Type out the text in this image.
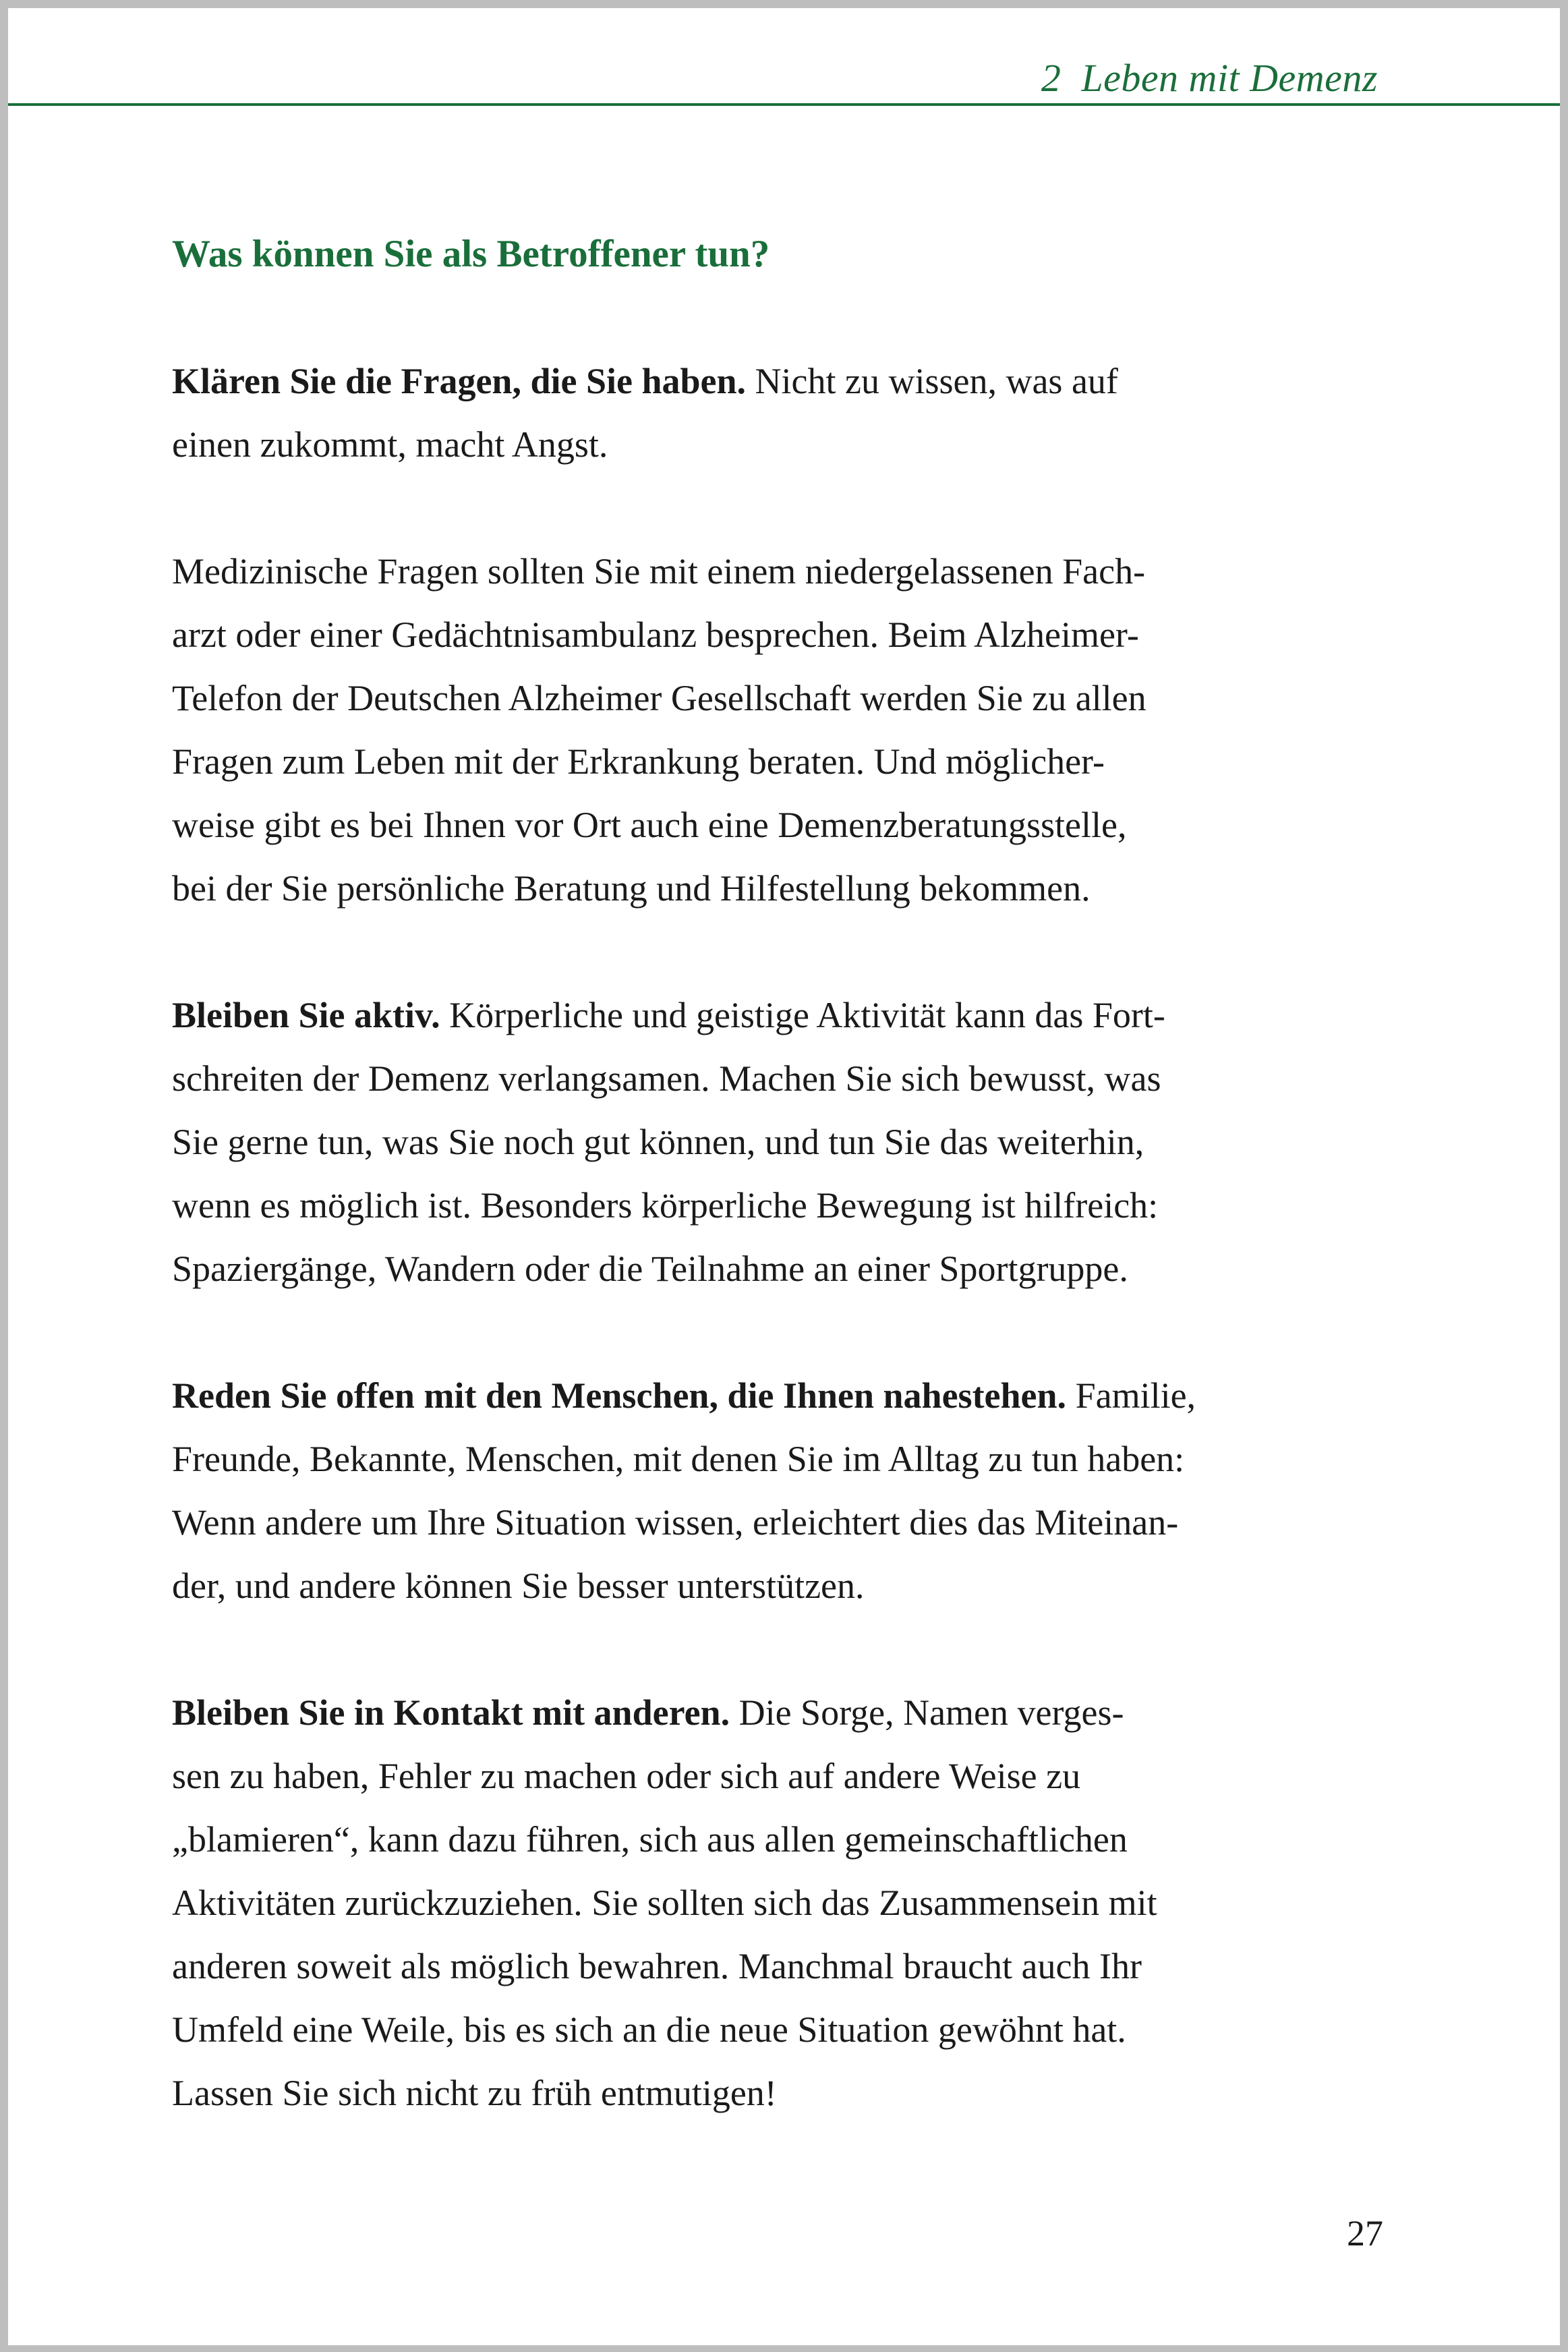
2 Leben mit Demenz
Was können Sie als Betroffener tun?
Klären Sie die Fragen, die Sie haben. Nicht zu wissen, was auf
einen zukommt, macht Angst.
Medizinische Fragen sollten Sie mit einem niedergelassenen Fach-
arzt oder einer Gedächtnisambulanz besprechen. Beim Alzheimer-
Telefon der Deutschen Alzheimer Gesellschaft werden Sie zu allen
Fragen zum Leben mit der Erkrankung beraten. Und möglicher-
weise gibt es bei Ihnen vor Ort auch eine Demenzberatungsstelle,
bei der Sie persönliche Beratung und Hilfestellung bekommen.
Bleiben Sie aktiv. Körperliche und geistige Aktivität kann das Fort-
schreiten der Demenz verlangsamen. Machen Sie sich bewusst, was
Sie gerne tun, was Sie noch gut können, und tun Sie das weiterhin,
wenn es möglich ist. Besonders körperliche Bewegung ist hilfreich:
Spaziergänge, Wandern oder die Teilnahme an einer Sportgruppe.
Reden Sie offen mit den Menschen, die Ihnen nahestehen. Familie,
Freunde, Bekannte, Menschen, mit denen Sie im Alltag zu tun haben:
Wenn andere um Ihre Situation wissen, erleichtert dies das Miteinan-
der, und andere können Sie besser unterstützen.
Bleiben Sie in Kontakt mit anderen. Die Sorge, Namen verges-
sen zu haben, Fehler zu machen oder sich auf andere Weise zu
„blamieren“, kann dazu führen, sich aus allen gemeinschaftlichen
Aktivitäten zurückzuziehen. Sie sollten sich das Zusammensein mit
anderen soweit als möglich bewahren. Manchmal braucht auch Ihr
Umfeld eine Weile, bis es sich an die neue Situation gewöhnt hat.
Lassen Sie sich nicht zu früh entmutigen!
27
